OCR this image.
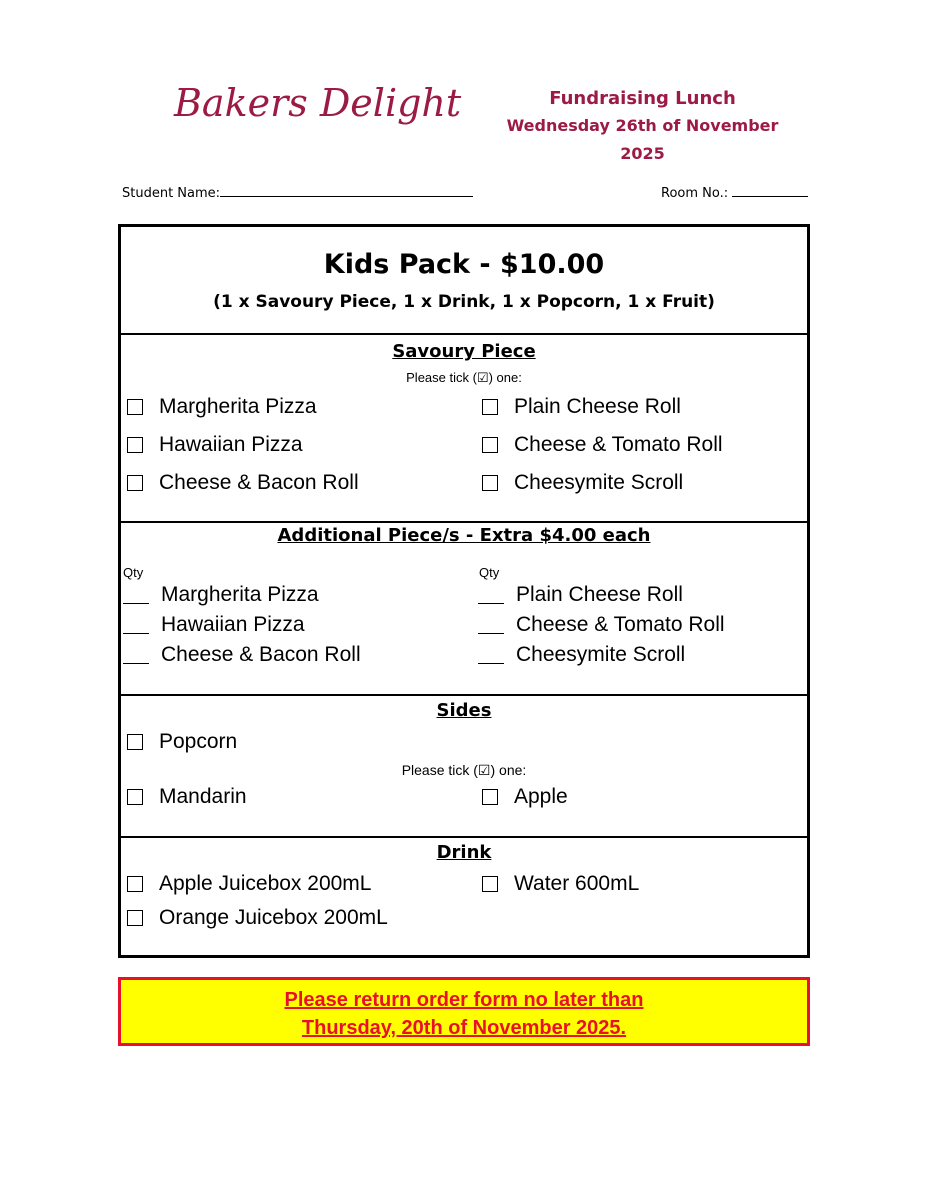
Bakers Delight	Fundraising Lunch
Wednesday 26th of November 2025
Student Name:	Room No.:
Kids Pack - $10.00
(1 x Savoury Piece, 1 x Drink, 1 x Popcorn, 1 x Fruit)
Savoury Piece
Please tick (☑) one:
Margherita Pizza
Hawaiian Pizza
Cheese & Bacon Roll
Plain Cheese Roll
Cheese & Tomato Roll
Cheesymite Scroll
Additional Piece/s - Extra $4.00 each
Qty	Qty
Margherita Pizza
Hawaiian Pizza
Cheese & Bacon Roll
Plain Cheese Roll
Cheese & Tomato Roll
Cheesymite Scroll
Sides
Popcorn
Please tick (☑) one:
Mandarin	Apple
Drink
Apple Juicebox 200mL
Orange Juicebox 200mL
Water 600mL
Please return order form no later than
Thursday, 20th of November 2025.
